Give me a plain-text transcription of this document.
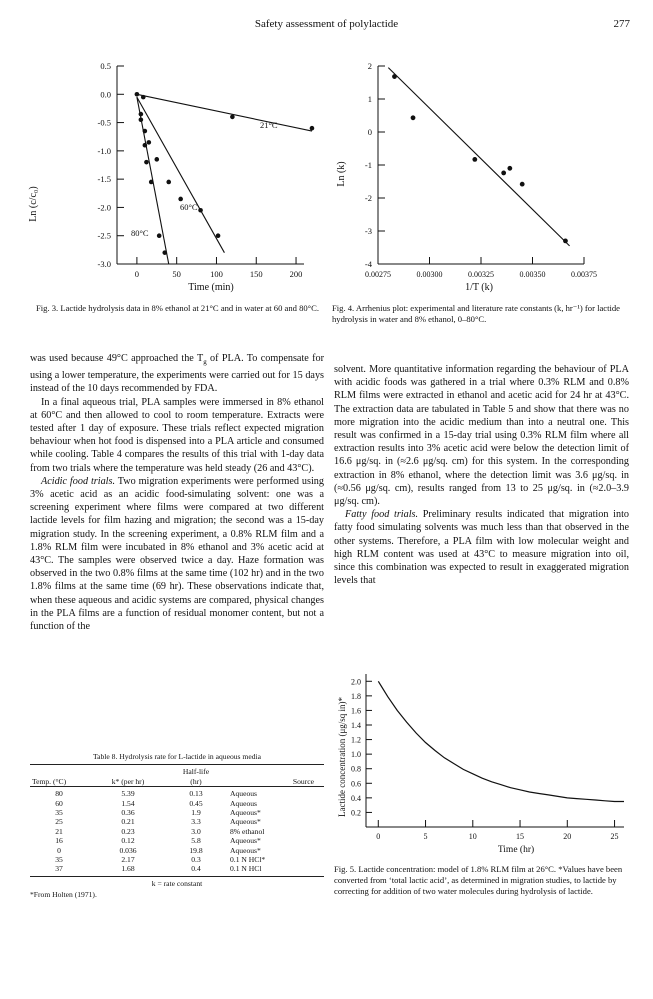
Safety assessment of polylactide	277
0.5
0.0
-0.5
-1.0
-1.5
-2.0
-2.5
-3.0
0	50	100	150	200
Ln (c/c₀)
Time (min)
21°C
60°C
80°C
Fig. 3. Lactide hydrolysis data in 8% ethanol at 21°C and in water at 60 and 80°C.
2
1
0
-1
-2
-3
-4
0.00275	0.00300	0.00325	0.00350	0.00375
Ln (k)
1/T (k)
Fig. 4. Arrhenius plot: experimental and literature rate constants (k, hr⁻¹) for lactide hydrolysis in water and 8% ethanol, 0–80°C.

was used because 49°C approached the $T_g$ of PLA. To compensate for using a lower temperature, the experiments were carried out for 15 days instead of the 10 days recommended by FDA.

In a final aqueous trial, PLA samples were immersed in 8% ethanol at 60°C and then allowed to cool to room temperature. Extracts were tested after 1 day of exposure. These trials reflect expected migration behaviour when hot food is dispensed into a PLA article and consumed while cooling. Table 4 compares the results of this trial with 1-day data from two trials where the temperature was held steady (26 and 43°C).

Acidic food trials. Two migration experiments were performed using 3% acetic acid as an acidic food-simulating solvent: one was a screening experiment where films were compared at two different lactide levels for film hazing and migration; the second was a 15-day migration study. In the screening experiment, a 0.8% RLM film and a 1.8% RLM film were incubated in 8% ethanol and 3% acetic acid at 43°C. The samples were observed twice a day. Haze formation was observed in the two 0.8% films at the same time (102 hr) and in the two 1.8% films at the same time (69 hr). These observations indicate that, when these aqueous and acidic systems are compared, physical changes in the PLA films are a function of residual monomer content, but not a function of the

solvent. More quantitative information regarding the behaviour of PLA with acidic foods was gathered in a trial where 0.3% RLM and 0.8% RLM films were extracted in ethanol and acetic acid for 24 hr at 43°C. The extraction data are tabulated in Table 5 and show that there was no more migration into the acidic medium than into a neutral one. This result was confirmed in a 15-day trial using 0.3% RLM film where all extraction results into 3% acetic acid were below the detection limit of 16.6 μg/sq. in (≈2.6 μg/sq. cm) for this system. In the corresponding extraction in 8% ethanol, where the detection limit was 3.6 μg/sq. in (≈0.56 μg/sq. cm), results ranged from 13 to 25 μg/sq. in (≈2.0–3.9 μg/sq. cm).

Fatty food trials. Preliminary results indicated that migration into fatty food simulating solvents was much less than that observed in the other systems. Therefore, a PLA film with low molecular weight and high RLM content was used at 43°C to measure migration into oil, since this combination was expected to result in exaggerated migration levels that

Table 8. Hydrolysis rate for L-lactide in aqueous media
		Half-life	
Temp. (°C)	k* (per hr)	(hr)	Source
80	5.39	0.13	Aqueous
60	1.54	0.45	Aqueous
35	0.36	1.9	Aqueous*
25	0.21	3.3	Aqueous*
21	0.23	3.0	8% ethanol
16	0.12	5.8	Aqueous*
0	0.036	19.8	Aqueous*
35	2.17	0.3	0.1 N HCl*
37	1.68	0.4	0.1 N HCl
k = rate constant
*From Holten (1971).
2.0
1.8
1.6
1.4
1.2
1.0
0.8
0.6
0.4
0.2
0	5	10	15	20	25
Lactide concentration (μg/sq in)*
Time (hr)
Fig. 5. Lactide concentration: model of 1.8% RLM film at 26°C. *Values have been converted from ‘total lactic acid’, as determined in migration studies, to lactide by correcting for addition of two water molecules during hydrolysis of lactide.
